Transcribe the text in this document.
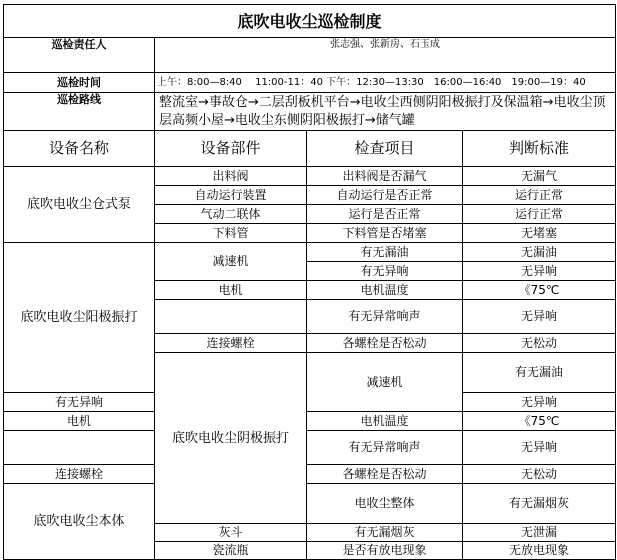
底吹电收尘巡检制度				
巡检责任人	张志强、张新房、石玉成			
巡检时间	上午：8:00—8:40　 11:00-11：40 下午：12:30—13:30　16:00—16:40　19:00—19：40			
巡检路线	整流室→事故仓→二层刮板机平台→电收尘西侧阴阳极振打及保温箱→电收尘顶层高频小屋→电收尘东侧阴阳极振打→储气罐			
设备名称	设备部件	检查项目	判断标准	
底吹电收尘仓式泵	出料阀	出料阀是否漏气	无漏气	
	自动运行装置	自动运行是否正常	运行正常	
	气动二联体	运行是否正常	运行正常	
	下料管	下料管是否堵塞	无堵塞	
底吹电收尘阳极振打	减速机	有无漏油	无漏油	
		有无异响	无异响	
	电机	电机温度	《75℃	
		有无异常响声	无异响	
	连接螺栓	各螺栓是否松动	无松动	
	底吹电收尘阴极振打	减速机	有无漏油	
有无异响			无异响	
电机		电机温度	《75℃	
		有无异常响声	无异响	
连接螺栓		各螺栓是否松动	无松动	
底吹电收尘本体		电收尘整体	有无漏烟灰	
	灰斗	有无漏烟灰	无泄漏	
	瓷流瓶	是否有放电现象	无放电现象	
